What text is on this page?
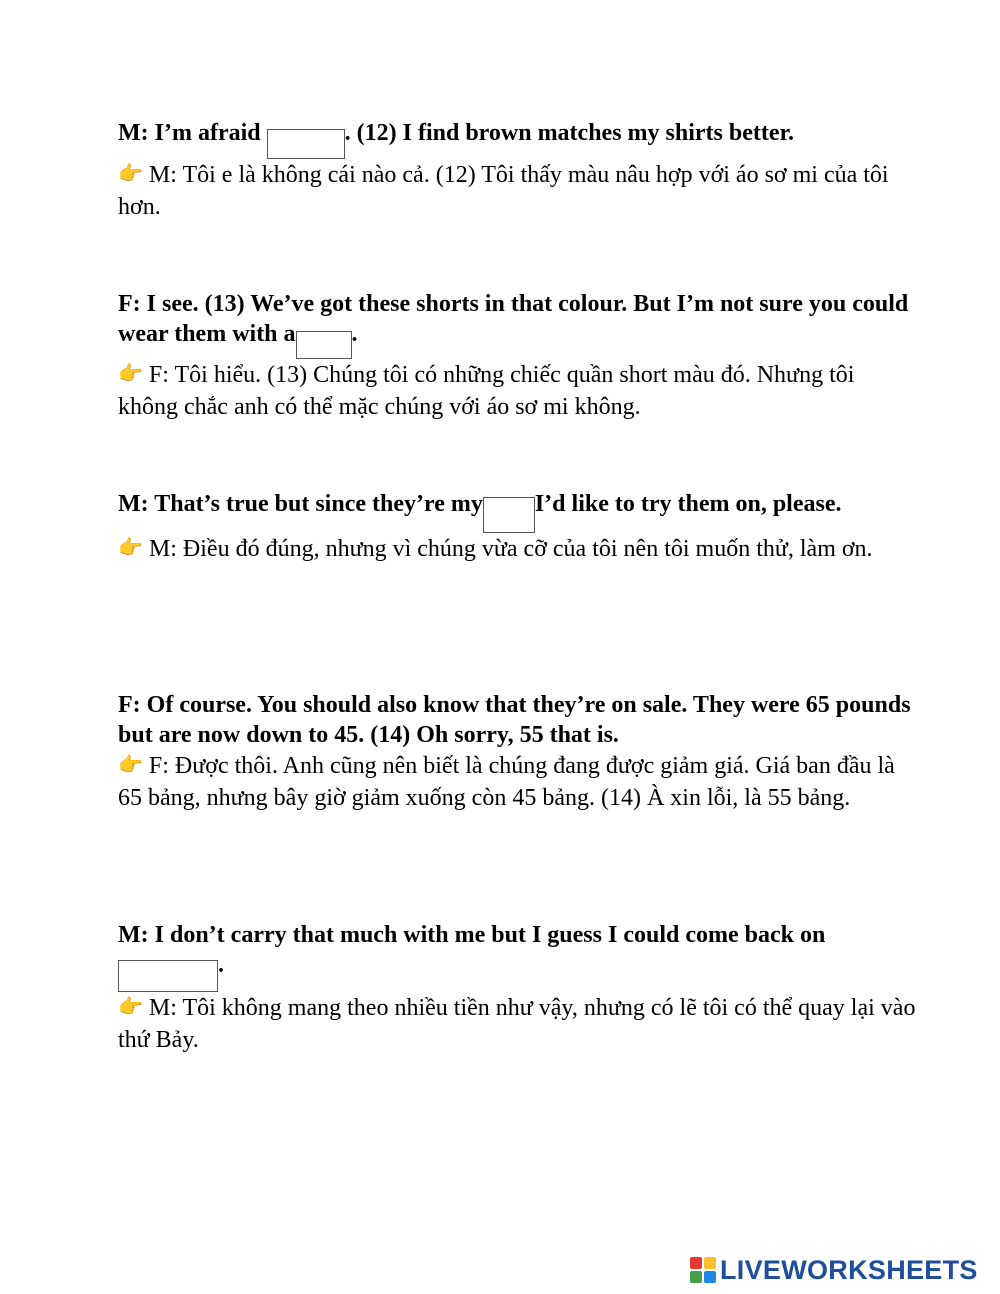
M: I’m afraid	. (12) I find brown matches my shirts better.

👉 M: Tôi e là không cái nào cả. (12) Tôi thấy màu nâu hợp với áo sơ mi của tôi hơn.

F: I see. (13) We’ve got these shorts in that colour. But I’m not sure you could wear them with a .

👉 F: Tôi hiểu. (13) Chúng tôi có những chiếc quần short màu đó. Nhưng tôi không chắc anh có thể mặc chúng với áo sơ mi không.

M: That’s true but since they’re my I’d like to try them on, please.

👉 M: Điều đó đúng, nhưng vì chúng vừa cỡ của tôi nên tôi muốn thử, làm ơn.

F: Of course. You should also know that they’re on sale. They were 65 pounds but are now down to 45. (14) Oh sorry, 55 that is.

👉 F: Được thôi. Anh cũng nên biết là chúng đang được giảm giá. Giá ban đầu là 65 bảng, nhưng bây giờ giảm xuống còn 45 bảng. (14) À xin lỗi, là 55 bảng.

M: I don’t carry that much with me but I guess I could come back on .

👉 M: Tôi không mang theo nhiều tiền như vậy, nhưng có lẽ tôi có thể quay lại vào thứ Bảy.

LIVEWORKSHEETS
